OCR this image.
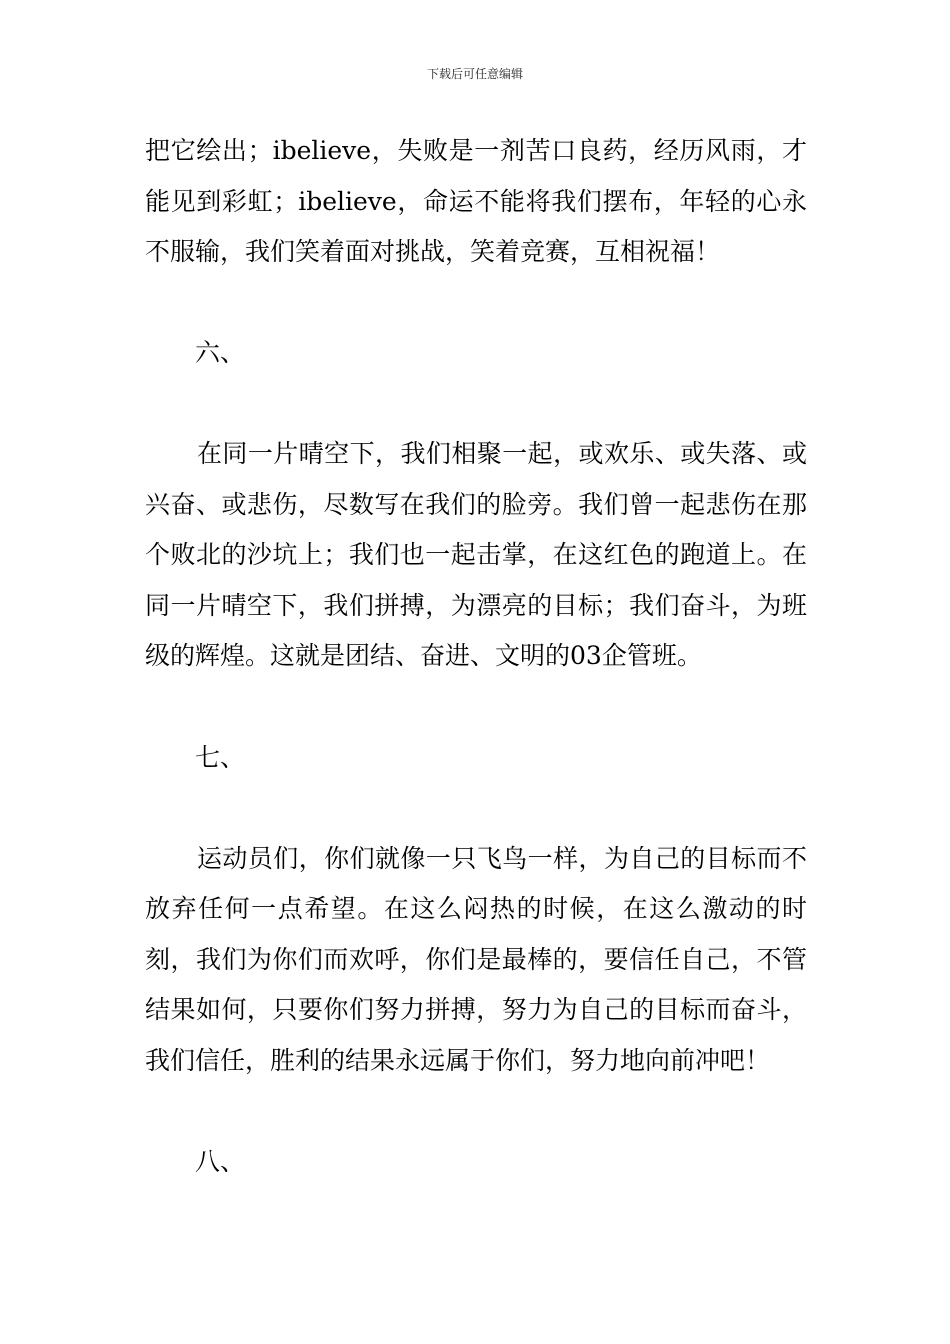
下载后可任意编辑

把它绘出；ibelieve，失败是一剂苦口良药，经历风雨，才能见到彩虹；ibelieve，命运不能将我们摆布，年轻的心永不服输，我们笑着面对挑战，笑着竞赛，互相祝福！

六、

在同一片晴空下，我们相聚一起，或欢乐、或失落、或兴奋、或悲伤，尽数写在我们的脸旁。我们曾一起悲伤在那个败北的沙坑上；我们也一起击掌，在这红色的跑道上。在同一片晴空下，我们拼搏，为漂亮的目标；我们奋斗，为班级的辉煌。这就是团结、奋进、文明的03企管班。

七、

运动员们，你们就像一只飞鸟一样，为自己的目标而不放弃任何一点希望。在这么闷热的时候，在这么激动的时刻，我们为你们而欢呼，你们是最棒的，要信任自己，不管结果如何，只要你们努力拼搏，努力为自己的目标而奋斗，我们信任，胜利的结果永远属于你们，努力地向前冲吧！

八、
